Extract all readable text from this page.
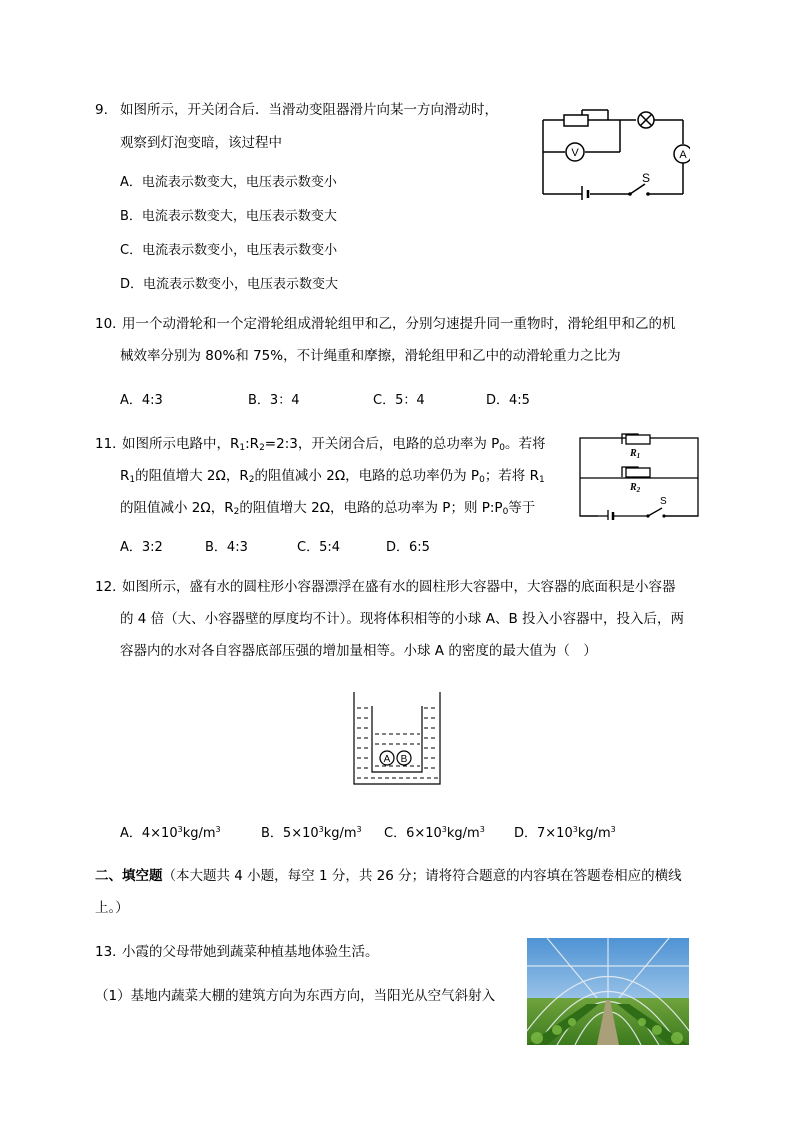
9. 如图所示，开关闭合后．当滑动变阻器滑片向某一方向滑动时，
观察到灯泡变暗，该过程中
A．电流表示数变大，电压表示数变小
B．电流表示数变大，电压表示数变大
C．电流表示数变小，电压表示数变小
D．电流表示数变小，电压表示数变大
A
V
S
10．
用一个动滑轮和一个定滑轮组成滑轮组甲和乙，分别匀速提升同一重物时，滑轮组甲和乙的机
械效率分别为 80%和 75%，不计绳重和摩擦，滑轮组甲和乙中的动滑轮重力之比为
A．4:3	B．3：4	C．5：4	D．4:5
11．
如图所示电路中，$R_1:R_2=2:3$，开关闭合后，电路的总功率为 $P_0$。若将
$R_1$的阻值增大 2Ω，$R_2$的阻值减小 2Ω，电路的总功率仍为 $P_0$；若将 $R_1$
的阻值减小 2Ω，$R_2$的阻值增大 2Ω，电路的总功率为 P；则 $P:P_0$等于
A．3:2	B．4:3	C．5:4	D．6:5
$R_1$
$R_2$
S
12．
如图所示，盛有水的圆柱形小容器漂浮在盛有水的圆柱形大容器中，大容器的底面积是小容器
的 4 倍（大、小容器壁的厚度均不计）。现将体积相等的小球 A、B 投入小容器中，投入后，两
容器内的水对各自容器底部压强的增加量相等。小球 A 的密度的最大值为（　）
A B
A．$4\times 10^3kg/m^3$	B．$5\times 10^3kg/m^3$ C．$6\times 10^3kg/m^3$ D．$7\times 10^3kg/m^3$
二、填空题（本大题共 4 小题，每空 1 分，共 26 分；请将符合题意的内容填在答题卷相应的横线
上。）
13．
小霞的父母带她到蔬菜种植基地体验生活。
（1）基地内蔬菜大棚的建筑方向为东西方向，当阳光从空气斜射入
